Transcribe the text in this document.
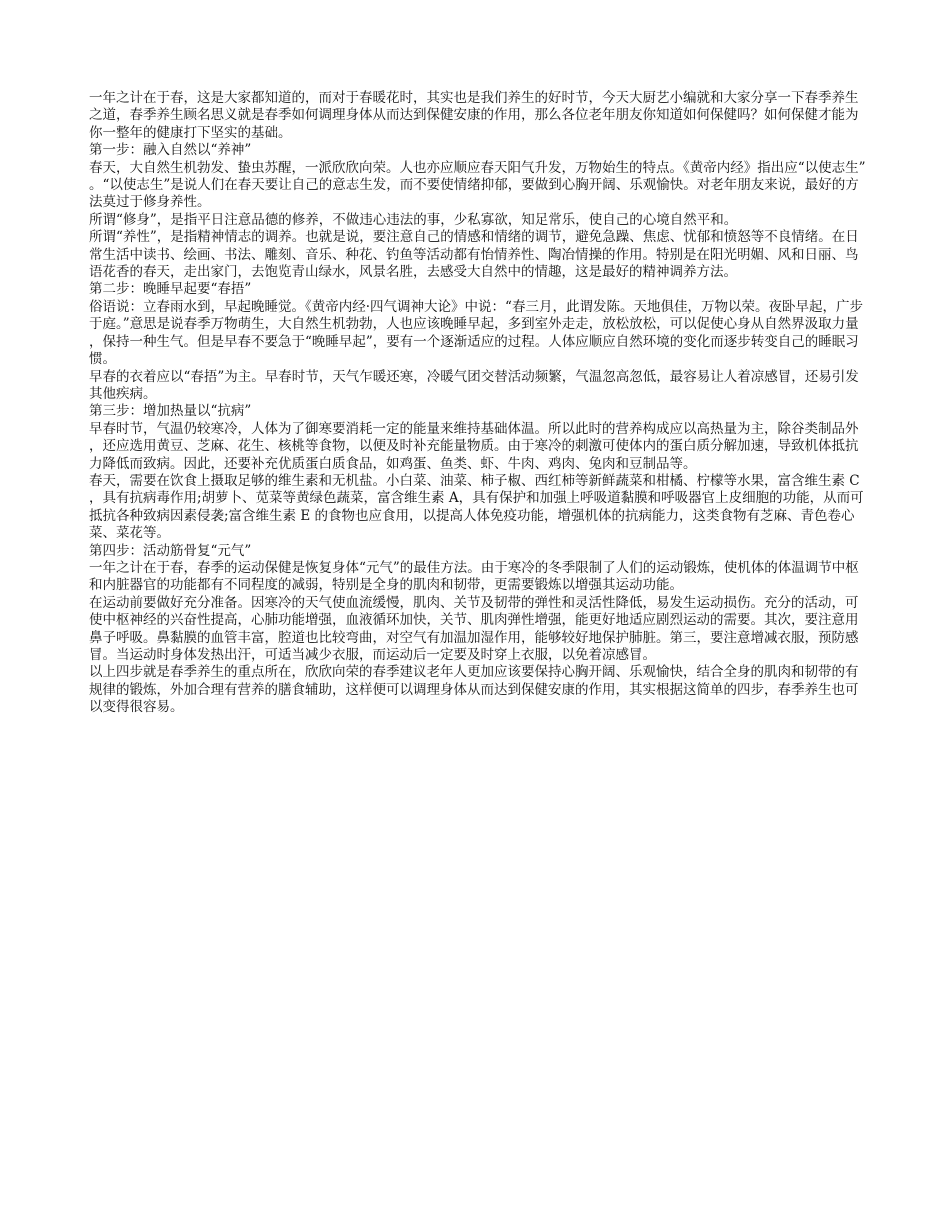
一年之计在于春，这是大家都知道的，而对于春暖花时，其实也是我们养生的好时节，今天大厨艺小编就和大家分享一下春季养生之道，春季养生顾名思义就是春季如何调理身体从而达到保健安康的作用，那么各位老年朋友你知道如何保健吗？如何保健才能为你一整年的健康打下坚实的基础。

第一步：融入自然以“养神”

春天，大自然生机勃发、蛰虫苏醒，一派欣欣向荣。人也亦应顺应春天阳气升发，万物始生的特点。《黄帝内经》指出应“以使志生”。“以使志生”是说人们在春天要让自己的意志生发，而不要使情绪抑郁，要做到心胸开阔、乐观愉快。对老年朋友来说，最好的方法莫过于修身养性。

所谓“修身”，是指平日注意品德的修养，不做违心违法的事，少私寡欲，知足常乐，使自己的心境自然平和。

所谓“养性”，是指精神情志的调养。也就是说，要注意自己的情感和情绪的调节，避免急躁、焦虑、忧郁和愤怒等不良情绪。在日常生活中读书、绘画、书法、雕刻、音乐、种花、钓鱼等活动都有怡情养性、陶冶情操的作用。特别是在阳光明媚、风和日丽、鸟语花香的春天，走出家门，去饱览青山绿水，风景名胜，去感受大自然中的情趣，这是最好的精神调养方法。

第二步：晚睡早起要“春捂”

俗语说：立春雨水到，早起晚睡觉。《黄帝内经·四气调神大论》中说：“春三月，此谓发陈。天地俱佳，万物以荣。夜卧早起，广步于庭。”意思是说春季万物萌生，大自然生机勃勃，人也应该晚睡早起，多到室外走走，放松放松，可以促使心身从自然界汲取力量，保持一种生气。但是早春不要急于“晚睡早起”，要有一个逐渐适应的过程。人体应顺应自然环境的变化而逐步转变自己的睡眠习惯。

早春的衣着应以“春捂”为主。早春时节，天气乍暖还寒，冷暖气团交替活动频繁，气温忽高忽低，最容易让人着凉感冒，还易引发其他疾病。

第三步：增加热量以“抗病”

早春时节，气温仍较寒冷，人体为了御寒要消耗一定的能量来维持基础体温。所以此时的营养构成应以高热量为主，除谷类制品外，还应选用黄豆、芝麻、花生、核桃等食物，以便及时补充能量物质。由于寒冷的刺激可使体内的蛋白质分解加速，导致机体抵抗力降低而致病。因此，还要补充优质蛋白质食品，如鸡蛋、鱼类、虾、牛肉、鸡肉、兔肉和豆制品等。

春天，需要在饮食上摄取足够的维生素和无机盐。小白菜、油菜、柿子椒、西红柿等新鲜蔬菜和柑橘、柠檬等水果，富含维生素 C，具有抗病毒作用;胡萝卜、苋菜等黄绿色蔬菜，富含维生素 A，具有保护和加强上呼吸道黏膜和呼吸器官上皮细胞的功能，从而可抵抗各种致病因素侵袭;富含维生素 E 的食物也应食用，以提高人体免疫功能，增强机体的抗病能力，这类食物有芝麻、青色卷心菜、菜花等。

第四步：活动筋骨复“元气”

一年之计在于春，春季的运动保健是恢复身体“元气”的最佳方法。由于寒冷的冬季限制了人们的运动锻炼，使机体的体温调节中枢和内脏器官的功能都有不同程度的减弱，特别是全身的肌肉和韧带，更需要锻炼以增强其运动功能。

在运动前要做好充分准备。因寒冷的天气使血流缓慢，肌肉、关节及韧带的弹性和灵活性降低，易发生运动损伤。充分的活动，可使中枢神经的兴奋性提高，心肺功能增强，血液循环加快，关节、肌肉弹性增强，能更好地适应剧烈运动的需要。其次，要注意用鼻子呼吸。鼻黏膜的血管丰富，腔道也比较弯曲，对空气有加温加湿作用，能够较好地保护肺脏。第三，要注意增减衣服，预防感冒。当运动时身体发热出汗，可适当减少衣服，而运动后一定要及时穿上衣服，以免着凉感冒。

以上四步就是春季养生的重点所在，欣欣向荣的春季建议老年人更加应该要保持心胸开阔、乐观愉快，结合全身的肌肉和韧带的有规律的锻炼，外加合理有营养的膳食辅助，这样便可以调理身体从而达到保健安康的作用，其实根据这简单的四步，春季养生也可以变得很容易。
